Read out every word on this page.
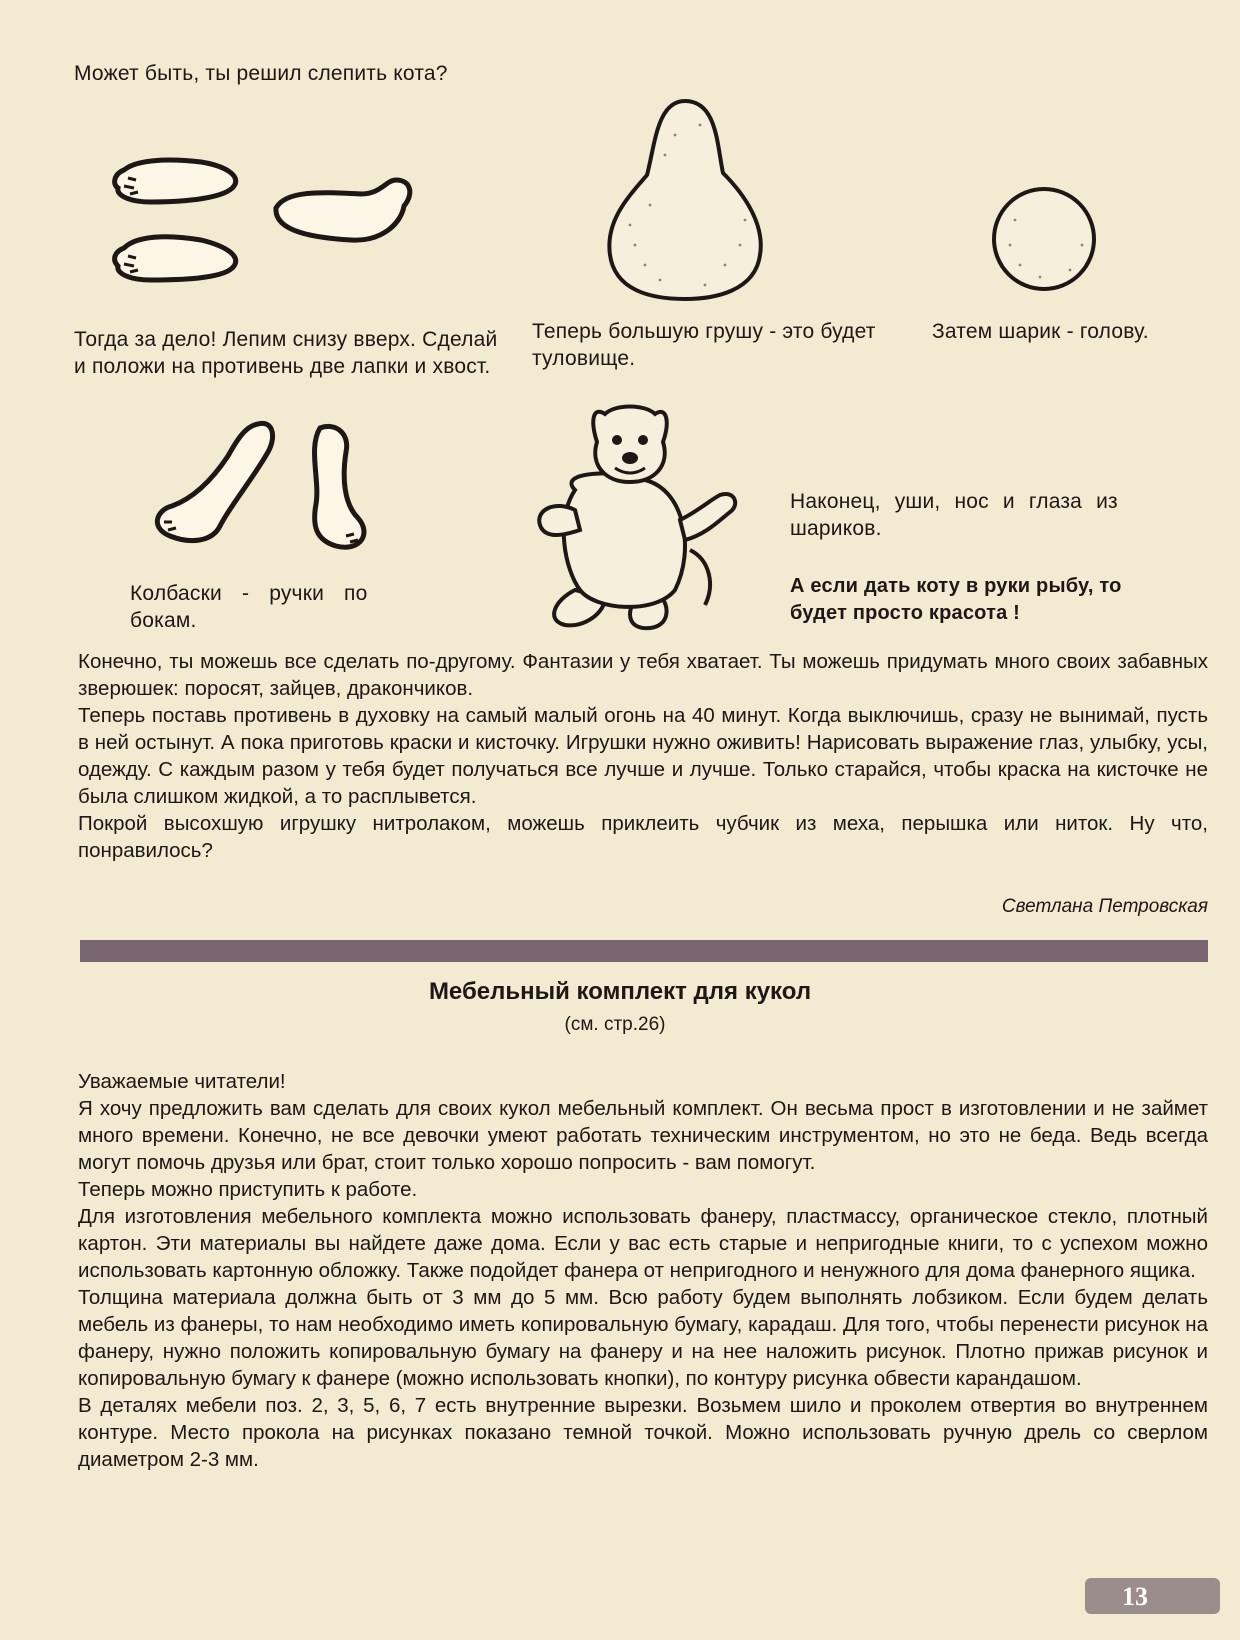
Может быть, ты решил слепить кота?
Тогда за дело! Лепим снизу вверх. Сделай и положи на противень две лапки и хвост.
Теперь большую грушу - это будет туловище.
Затем шарик - голову.
Колбаски - ручки по бокам.
Наконец, уши, нос и глаза из шариков.
А если дать коту в руки рыбу, то будет просто красота !

Конечно, ты можешь все сделать по-другому. Фантазии у тебя хватает. Ты можешь придумать много своих забавных зверюшек: поросят, зайцев, дракончиков.

Теперь поставь противень в духовку на самый малый огонь на 40 минут. Когда выключишь, сразу не вынимай, пусть в ней остынут. А пока приготовь краски и кисточку. Игрушки нужно оживить! Нарисовать выражение глаз, улыбку, усы, одежду. С каждым разом у тебя будет получаться все лучше и лучше. Только старайся, чтобы краска на кисточке не была слишком жидкой, а то расплывется.

Покрой высохшую игрушку нитролаком, можешь приклеить чубчик из меха, перышка или ниток. Ну что, понравилось?

Светлана Петровская
Мебельный комплект для кукол
(см. стр.26)

Уважаемые читатели!

Я хочу предложить вам сделать для своих кукол мебельный комплект. Он весьма прост в изготовлении и не займет много времени. Конечно, не все девочки умеют работать техническим инструментом, но это не беда. Ведь всегда могут помочь друзья или брат, стоит только хорошо попросить - вам помогут.

Теперь можно приступить к работе.

Для изготовления мебельного комплекта можно использовать фанеру, пластмассу, органическое стекло, плотный картон. Эти материалы вы найдете даже дома. Если у вас есть старые и непригодные книги, то с успехом можно использовать картонную обложку. Также подойдет фанера от непригодного и ненужного для дома фанерного ящика.

Толщина материала должна быть от 3 мм до 5 мм. Всю работу будем выполнять лобзиком. Если будем делать мебель из фанеры, то нам необходимо иметь копировальную бумагу, карадаш. Для того, чтобы перенести рисунок на фанеру, нужно положить копировальную бумагу на фанеру и на нее наложить рисунок. Плотно прижав рисунок и копировальную бумагу к фанере (можно использовать кнопки), по контуру рисунка обвести карандашом.

В деталях мебели поз. 2, 3, 5, 6, 7 есть внутренние вырезки. Возьмем шило и проколем отвертия во внутреннем контуре. Место прокола на рисунках показано темной точкой. Можно использовать ручную дрель со сверлом диаметром 2-3 мм.

13
